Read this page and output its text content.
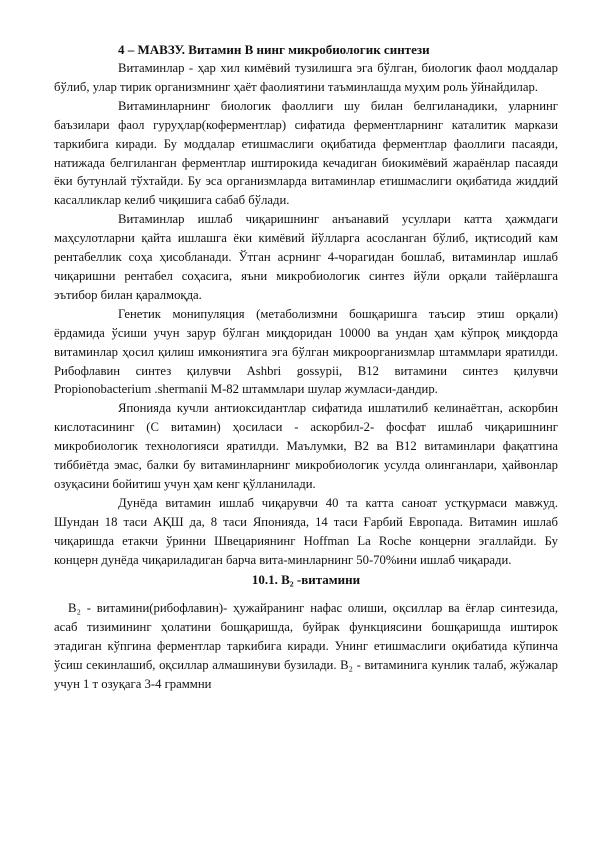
4 – МАВЗУ. Витамин В нинг микробиологик синтези

Витаминлар - ҳар хил кимёвий тузилишга эга бўлган, биологик фаол моддалар бўлиб, улар тирик организмнинг ҳаёт фаолиятини таъминлашда муҳим роль ўйнайдилар.

Витаминларнинг биологик фаоллиги шу билан белгиланадики, уларнинг баъзилари фаол гуруҳлар(коферментлар) сифатида ферментларнинг каталитик маркази таркибига киради. Бу моддалар етишмаслиги оқибатида ферментлар фаоллиги пасаяди, натижада белгиланган ферментлар иштирокида кечадиган биокимёвий жараёнлар пасаяди ёки бутунлай тўхтайди. Бу эса организмларда витаминлар етишмаслиги оқибатида жиддий касалликлар келиб чиқишига сабаб бўлади.

Витаминлар ишлаб чиқаришнинг анъанавий усуллари катта ҳажмдаги маҳсулотларни қайта ишлашга ёки кимёвий йўлларга асосланган бўлиб, иқтисодий кам рентабеллик соҳа ҳисобланади. Ўтган асрнинг 4-чорагидан бошлаб, витаминлар ишлаб чиқаришни рентабел соҳасига, яъни микробиологик синтез йўли орқали тайёрлашга эътибор билан қаралмоқда.

Генетик монипуляция (метаболизмни бошқаришга таъсир этиш орқали) ёрдамида ўсиши учун зарур бўлган миқдоридан 10000 ва ундан ҳам кўпроқ миқдорда витаминлар ҳосил қилиш имкониятига эга бўлган микроорганизмлар штаммлари яратилди. Рибофлавин синтез қилувчи Ashbri gossypii, B12 витамини синтез қилувчи Propionobacterium .shermanii M-82 штаммлари шулар жумласи-дандир.

Японияда кучли антиоксидантлар сифатида ишлатилиб келинаётган, аскорбин кислотасининг (С витамин) ҳосиласи - аскорбил-2- фосфат ишлаб чиқаришнинг микробиологик технологияси яратилди. Маълумки, В2 ва В12 витаминлари фақатгина тиббиётда эмас, балки бу витаминларнинг микробиологик усулда олинганлари, ҳайвонлар озуқасини бойитиш учун ҳам кенг қўлланилади.

Дунёда витамин ишлаб чиқарувчи 40 та катта саноат устқурмаси мавжуд. Шундан 18 таси АҚШ да, 8 таси Японияда, 14 таси Ғарбий Европада. Витамин ишлаб чиқаришда етакчи ўринни Швецариянинг Hoffman La Roche концерни эгаллайди. Бу концерн дунёда чиқариладиган барча вита-минларнинг 50-70%ини ишлаб чиқаради.

10.1. В₂ -витамини

В₂ - витамини(рибофлавин)- ҳужайранинг нафас олиши, оқсиллар ва ёғлар синтезида, асаб тизимининг ҳолатини бошқаришда, буйрак функциясини бошқаришда иштирок этадиган кўпгина ферментлар таркибига киради. Унинг етишмаслиги оқибатида кўпинча ўсиш секинлашиб, оқсиллар алмашинуви бузилади. В₂ - витаминига кунлик талаб, жўжалар учун 1 т озуқага 3-4 граммни
